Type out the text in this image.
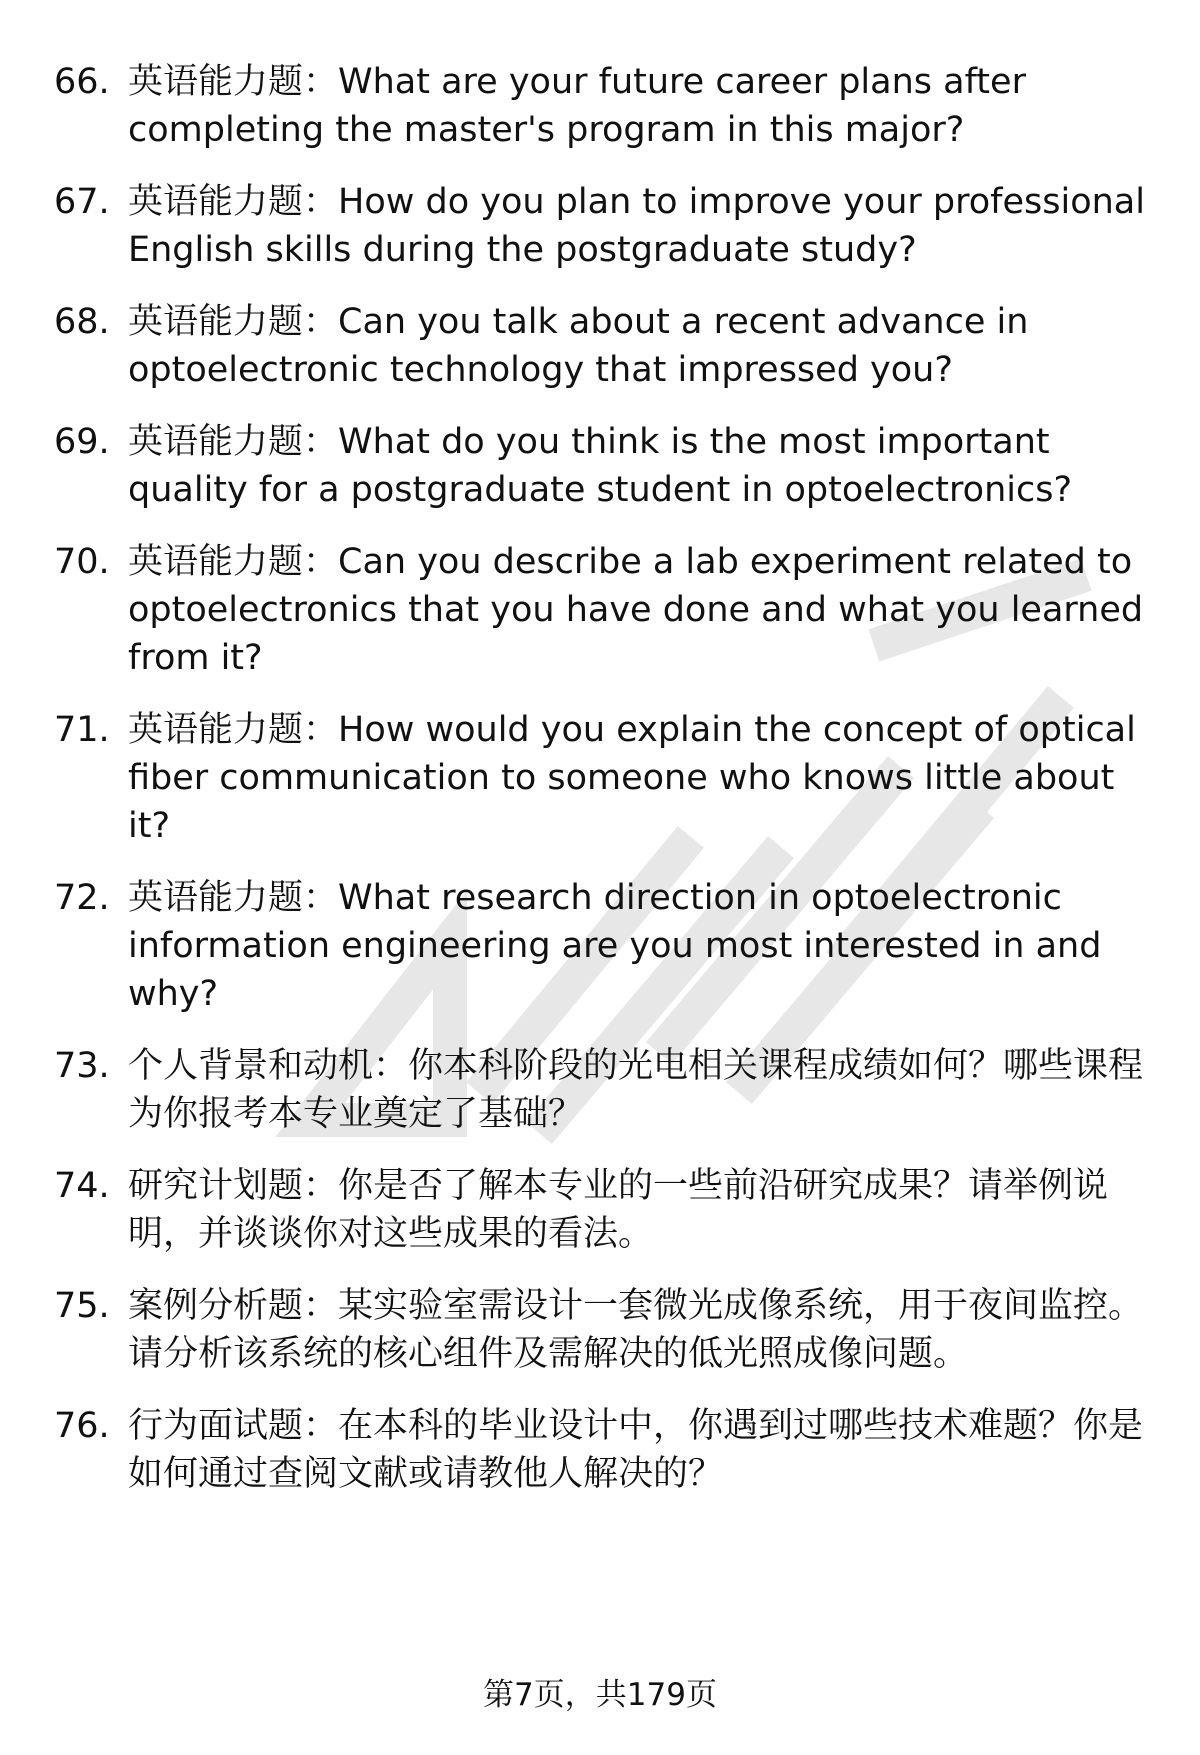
66. 英语能力题：What are your future career plans after completing the master's program in this major?
67. 英语能力题：How do you plan to improve your professional English skills during the postgraduate study?
68. 英语能力题：Can you talk about a recent advance in optoelectronic technology that impressed you?
69. 英语能力题：What do you think is the most important quality for a postgraduate student in optoelectronics?
70. 英语能力题：Can you describe a lab experiment related to optoelectronics that you have done and what you learned from it?
71. 英语能力题：How would you explain the concept of optical fiber communication to someone who knows little about it?
72. 英语能力题：What research direction in optoelectronic information engineering are you most interested in and why?
73. 个人背景和动机：你本科阶段的光电相关课程成绩如何？哪些课程为你报考本专业奠定了基础？
74. 研究计划题：你是否了解本专业的一些前沿研究成果？请举例说明，并谈谈你对这些成果的看法。
75. 案例分析题：某实验室需设计一套微光成像系统，用于夜间监控。请分析该系统的核心组件及需解决的低光照成像问题。
76. 行为面试题：在本科的毕业设计中，你遇到过哪些技术难题？你是如何通过查阅文献或请教他人解决的？
第7页，共179页
